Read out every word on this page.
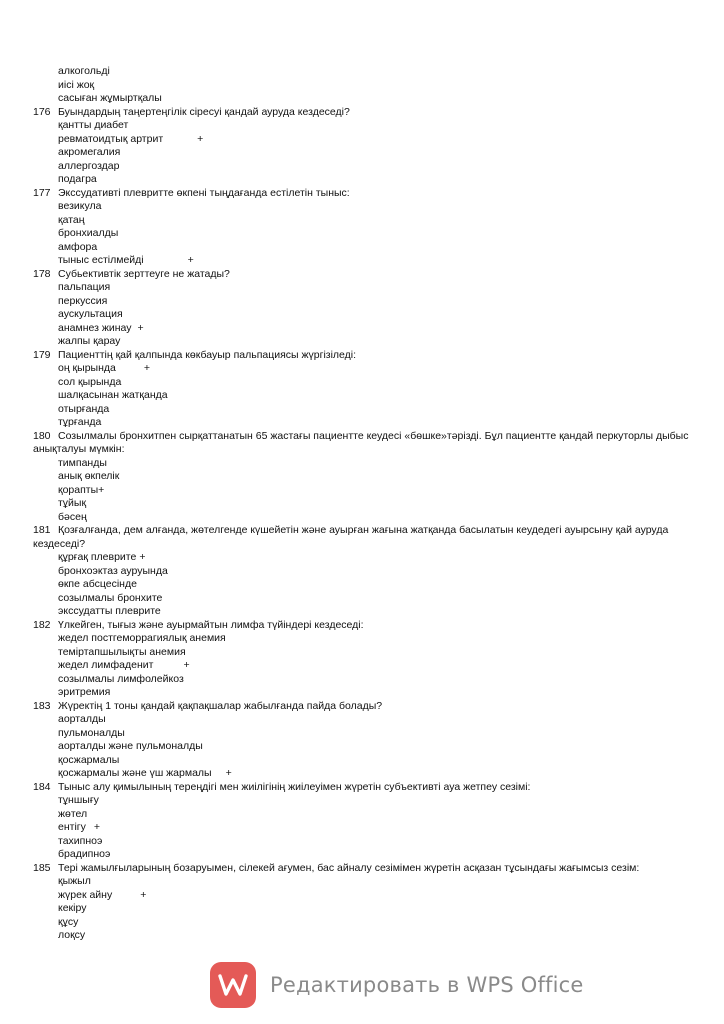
алкогольді
иісі жоқ
сасыған жұмыртқалы
176 Буындардың таңертеңгілік сіресуі қандай ауруда кездеседі?
қантты диабет
ревматоидтық артрит	+
акромегалия
аллергоздар
подагра
177 Экссудативті плевритте өкпені тыңдағанда естілетін тыныс:
везикула
қатаң
бронхиалды
амфора
тыныс естілмейді	+
178 Субьективтік зерттеуге не жатады?
пальпация
перкуссия
аускультация
анамнез жинау +
жалпы қарау
179 Пациенттің қай қалпында көкбауыр пальпациясы жүргізіледі:
оң қырында	+
сол қырында
шалқасынан жатқанда
отырғанда
тұрғанда
180 Созылмалы бронхитпен сырқаттанатын 65 жастағы пациентте кеудесі «бөшке»тәрізді. Бұл пациентте қандай перкуторлы дыбыс анықталуы мүмкін:
тимпанды
анық өкпелік
қорапты+
тұйық
бәсең
181 Қозғалғанда, дем алғанда, жөтелгенде күшейетін және ауырған жағына жатқанда басылатын кеудедегі ауырсыну қай ауруда кездеседі?
құрғақ плеврите +
бронхоэктаз ауруында
өкпе абсцесінде
созылмалы бронхите
экссудатты плеврите
182 Үлкейген, тығыз және ауырмайтын лимфа түйіндері кездеседі:
жедел постгеморрагиялық анемия
темiртапшылықты анемия
жедел лимфаденит	+
созылмалы лимфолейкоз
эритремия
183 Жүректің 1 тоны қандай қақпақшалар жабылғанда пайда болады?
aорталды
пульмоналды
aорталды және пульмоналды
қосжармалы
қосжармалы және үш жармалы +
184 Тыныс алу қимылының тереңдігі мен жиілігінің жиілеуімен жүретін субъективті ауа жетпеу сезімі:
тұншығу
жөтел
ентігу +
тахипноэ
брадипноэ
185 Тері жамылғыларының бозаруымен, сілекей ағумен, бас айналу сезімімен жүретін асқазан тұсындағы жағымсыз сезім:
қыжыл
жүрек айну	+
кекiру
құсу
лоқсу
Редактировать в WPS Office
